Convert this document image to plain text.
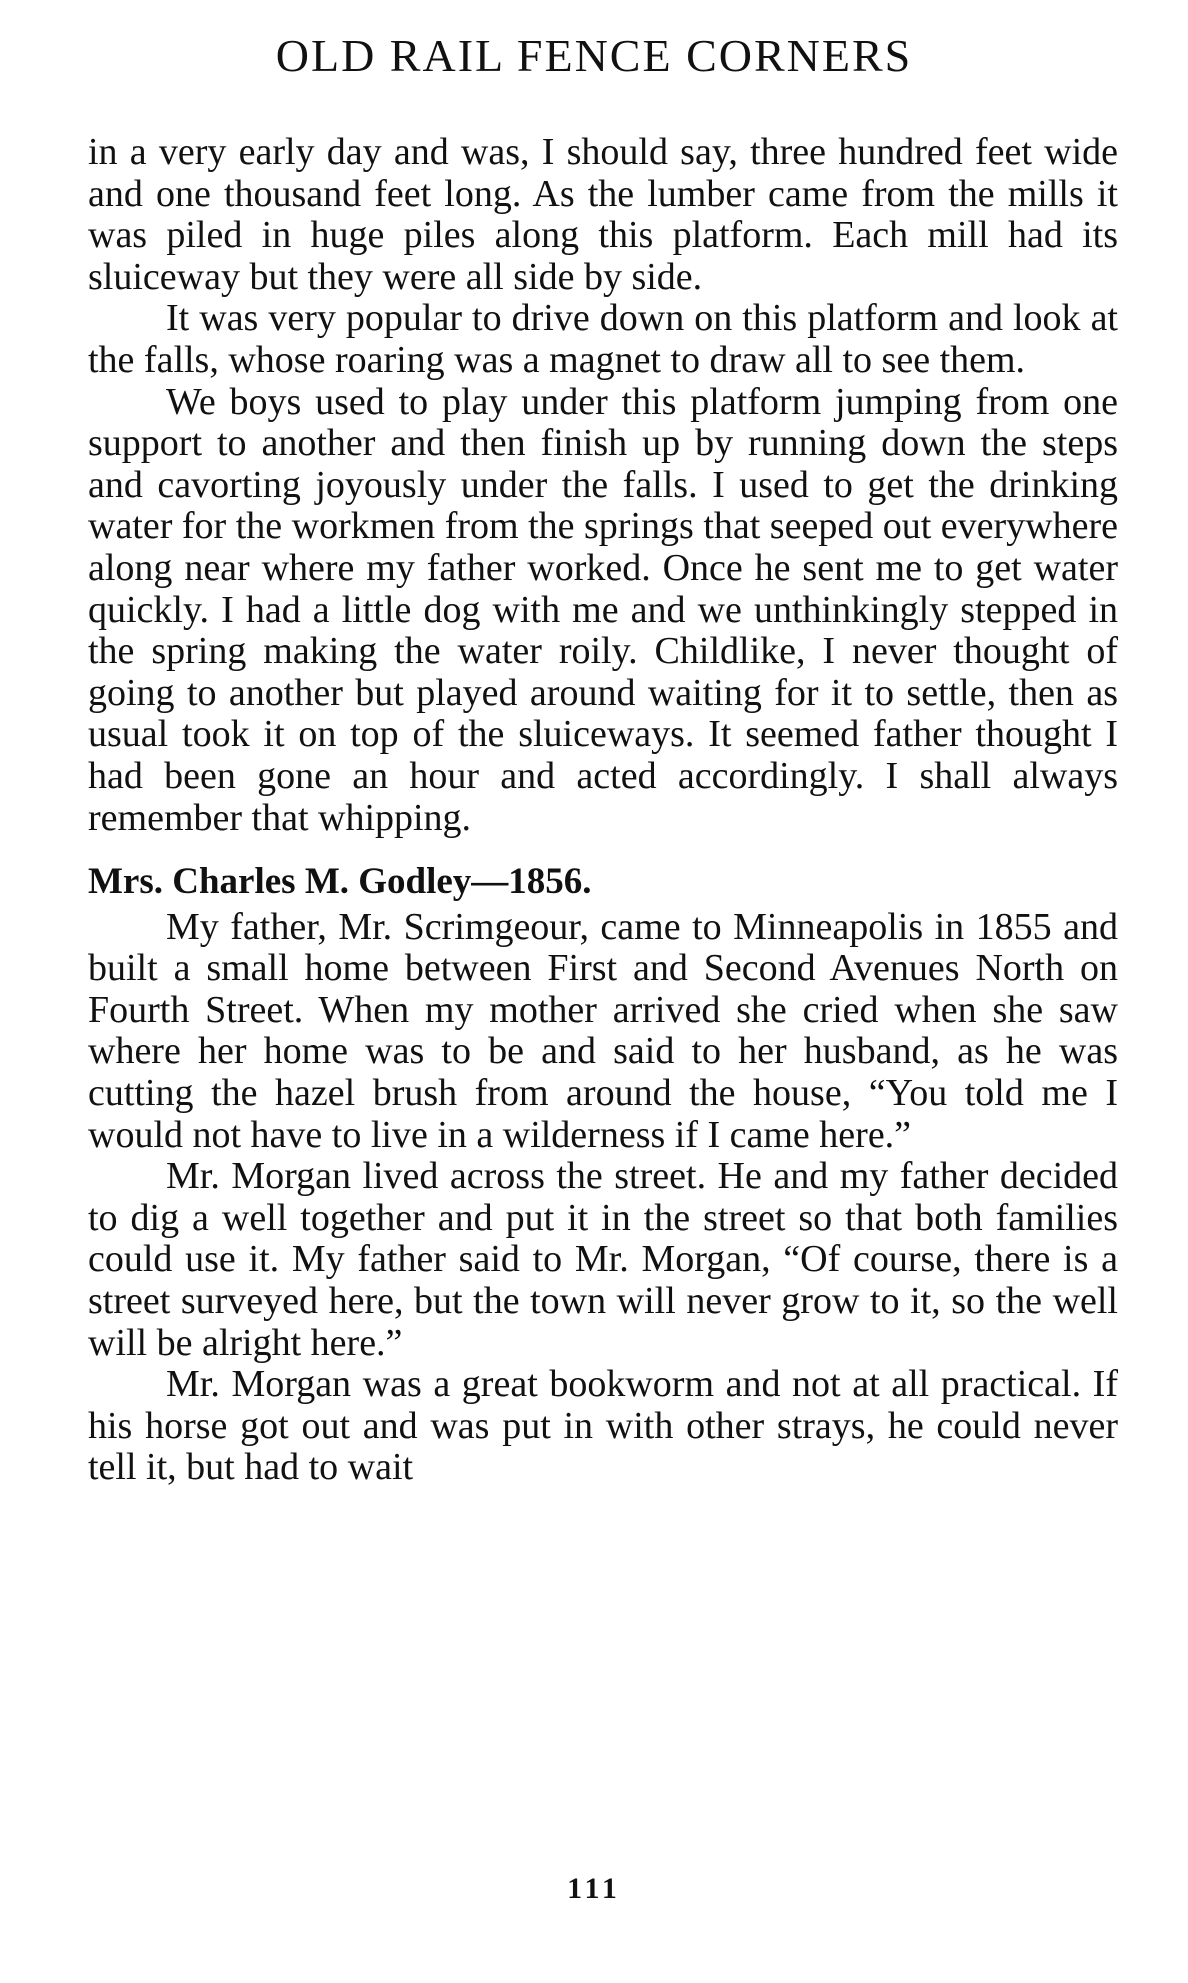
OLD RAIL FENCE CORNERS

in a very early day and was, I should say, three hundred feet wide and one thousand feet long. As the lumber came from the mills it was piled in huge piles along this platform. Each mill had its sluiceway but they were all side by side.

It was very popular to drive down on this platform and look at the falls, whose roaring was a magnet to draw all to see them.

We boys used to play under this platform jumping from one support to another and then finish up by running down the steps and cavorting joyously under the falls. I used to get the drinking water for the workmen from the springs that seeped out everywhere along near where my father worked. Once he sent me to get water quickly. I had a little dog with me and we unthinkingly stepped in the spring making the water roily. Childlike, I never thought of going to another but played around waiting for it to settle, then as usual took it on top of the sluiceways. It seemed father thought I had been gone an hour and acted accordingly. I shall always remember that whipping.

Mrs. Charles M. Godley—1856.

My father, Mr. Scrimgeour, came to Minneapolis in 1855 and built a small home between First and Second Avenues North on Fourth Street. When my mother arrived she cried when she saw where her home was to be and said to her husband, as he was cutting the hazel brush from around the house, “You told me I would not have to live in a wilderness if I came here.”

Mr. Morgan lived across the street. He and my father decided to dig a well together and put it in the street so that both families could use it. My father said to Mr. Morgan, “Of course, there is a street surveyed here, but the town will never grow to it, so the well will be alright here.”

Mr. Morgan was a great bookworm and not at all practical. If his horse got out and was put in with other strays, he could never tell it, but had to wait

111
